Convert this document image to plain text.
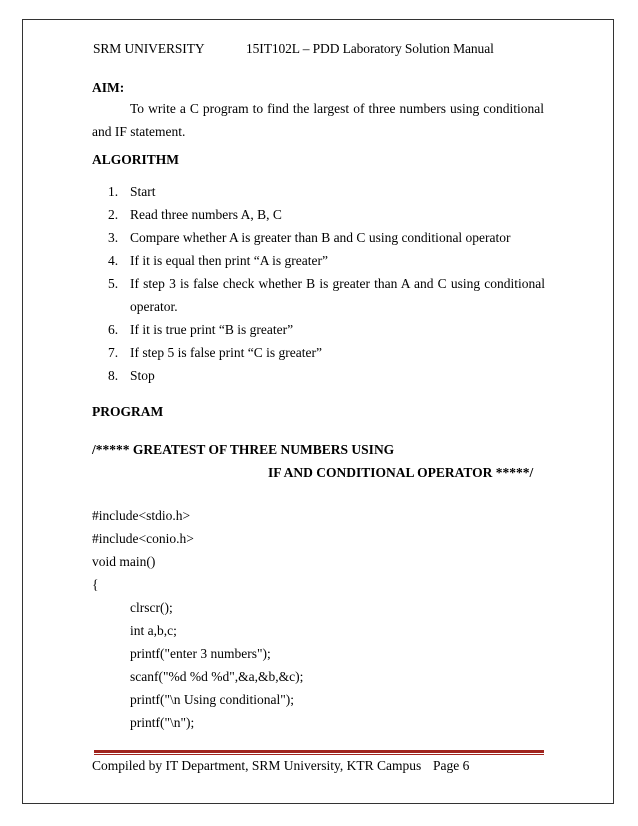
SRM UNIVERSITY	15IT102L – PDD Laboratory Solution Manual
AIM:
To write a C program to find the largest of three numbers using conditional and IF statement.
ALGORITHM
1. Start
2. Read three numbers A, B, C
3. Compare whether A is greater than B and C using conditional operator
4. If it is equal then print “A is greater”
5. If step 3 is false check whether B is greater than A and C using conditional operator.
6. If it is true print “B is greater”
7. If step 5 is false print “C is greater”
8. Stop
PROGRAM
/***** GREATEST OF THREE NUMBERS USING
IF AND CONDITIONAL OPERATOR *****/
#include<stdio.h>
#include<conio.h>
void main()
{
clrscr();
int a,b,c;
printf("enter 3 numbers");
scanf("%d %d %d",&a,&b,&c);
printf("\n Using conditional");
printf("\n");
Compiled by IT Department, SRM University, KTR Campus Page 6
